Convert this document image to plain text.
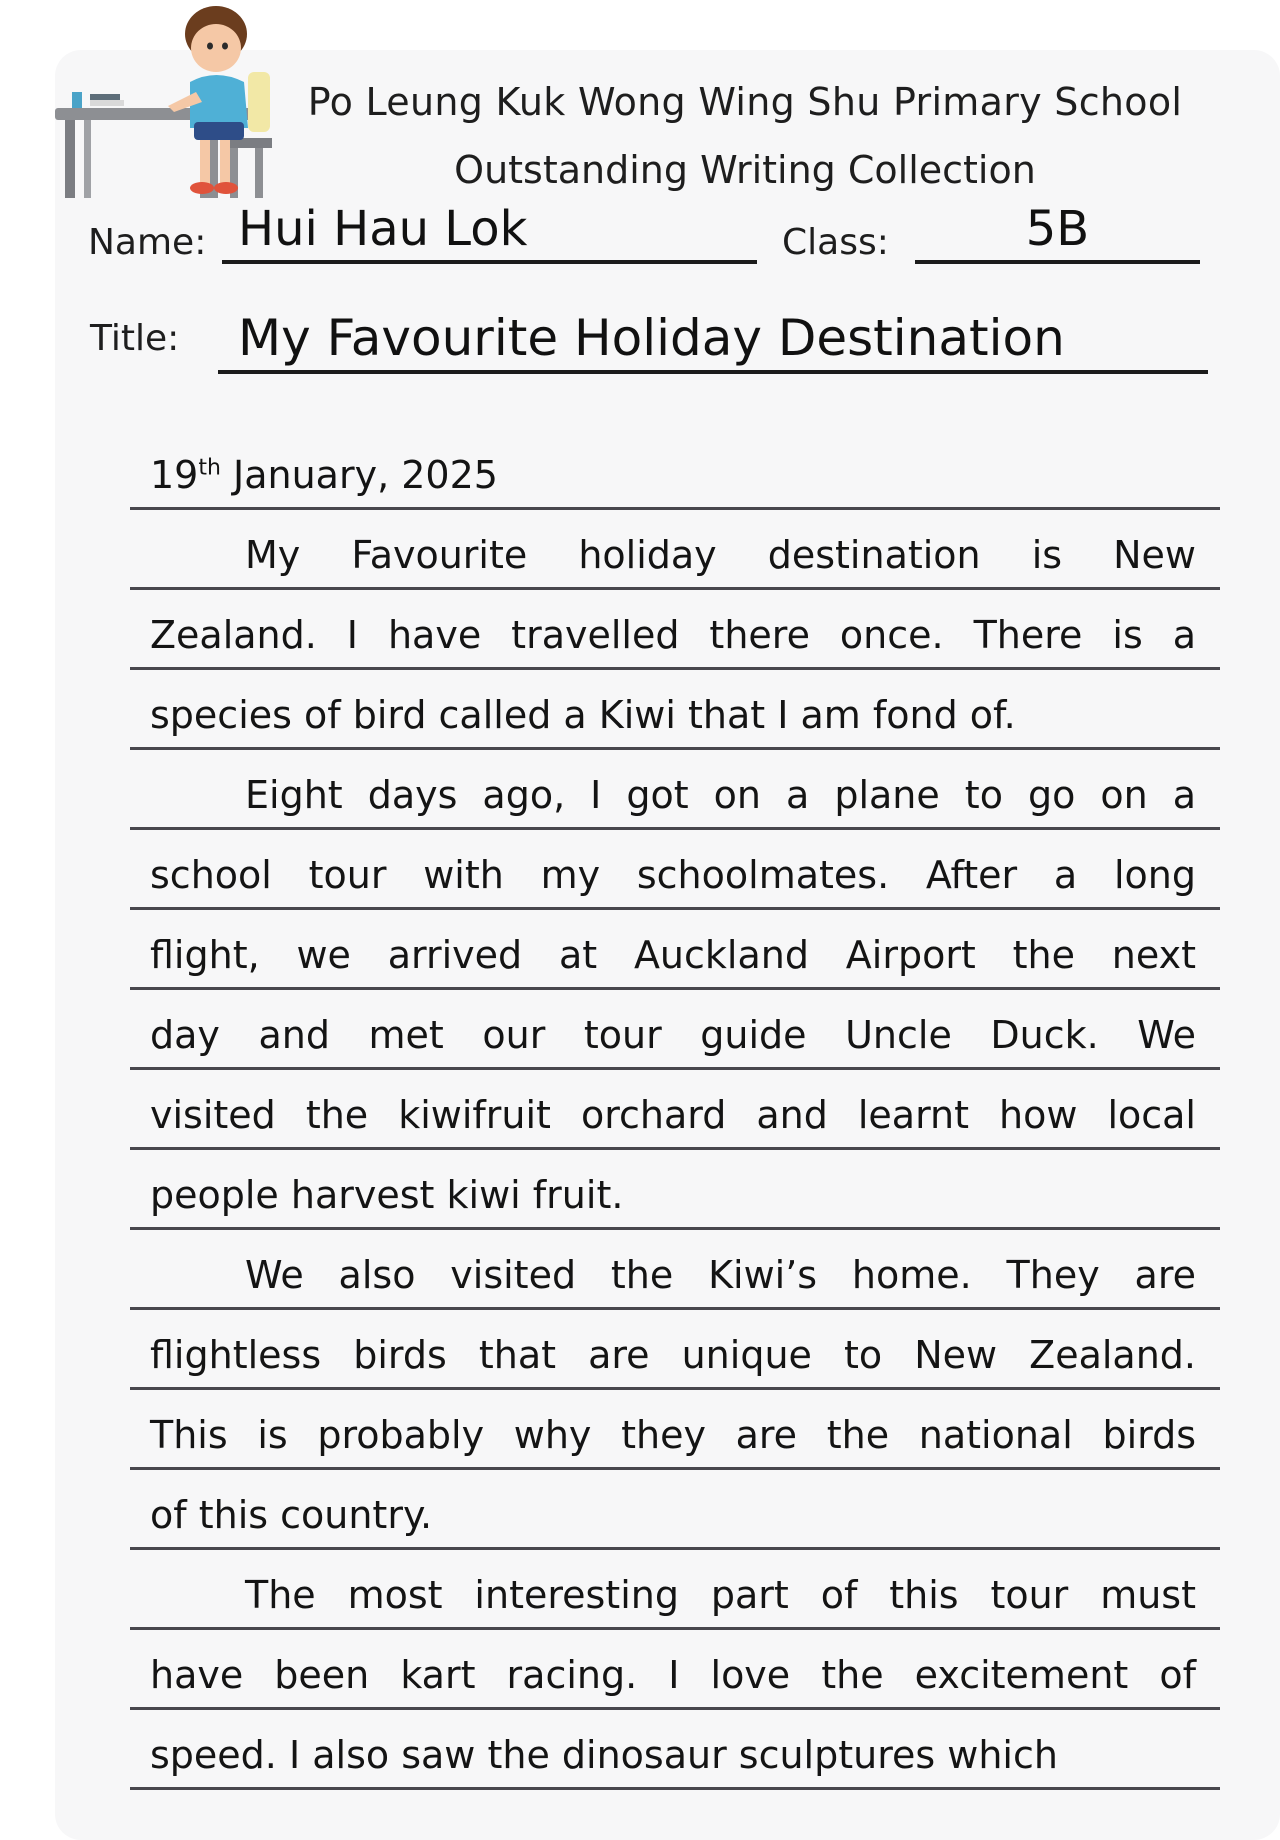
Po Leung Kuk Wong Wing Shu Primary School
Outstanding Writing Collection
Name: Hui Hau Lok	Class:	5B
Title:	My Favourite Holiday Destination
19th January, 2025
My Favourite holiday destination is New
Zealand. I have travelled there once. There is a
species of bird called a Kiwi that I am fond of.
Eight days ago, I got on a plane to go on a
school tour with my schoolmates. After a long
flight, we arrived at Auckland Airport the next
day and met our tour guide Uncle Duck. We
visited the kiwifruit orchard and learnt how local
people harvest kiwi fruit.
We also visited the Kiwi’s home. They are
flightless birds that are unique to New Zealand.
This is probably why they are the national birds
of this country.
The most interesting part of this tour must
have been kart racing. I love the excitement of
speed. I also saw the dinosaur sculptures which
